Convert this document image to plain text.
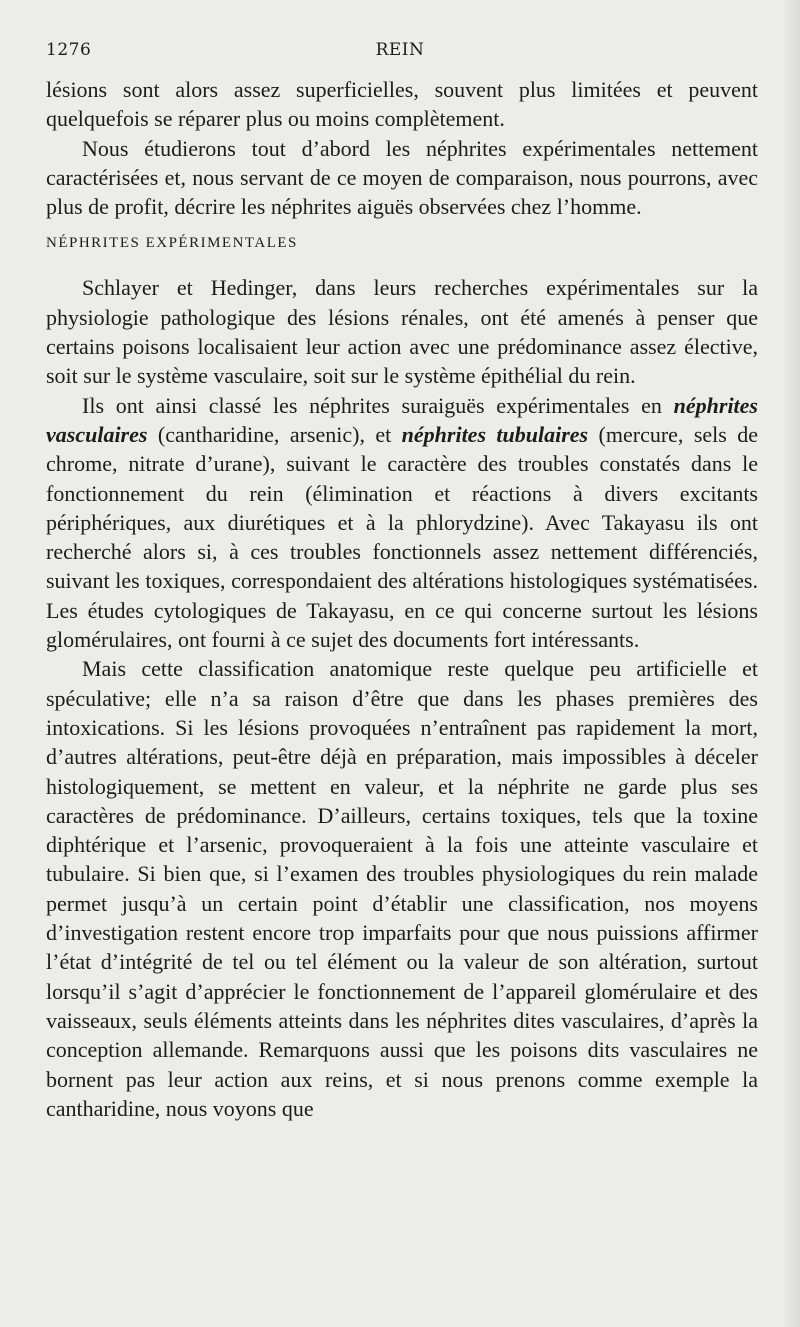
1276	REIN

lésions sont alors assez superficielles, souvent plus limitées et peuvent quelquefois se réparer plus ou moins complètement.

Nous étudierons tout d’abord les néphrites expérimentales nettement caractérisées et, nous servant de ce moyen de comparaison, nous pourrons, avec plus de profit, décrire les néphrites aiguës observées chez l’homme.

NÉPHRITES EXPÉRIMENTALES

Schlayer et Hedinger, dans leurs recherches expérimentales sur la physiologie pathologique des lésions rénales, ont été amenés à penser que certains poisons localisaient leur action avec une prédominance assez élective, soit sur le système vasculaire, soit sur le système épithélial du rein.

Ils ont ainsi classé les néphrites suraiguës expérimentales en néphrites vasculaires (cantharidine, arsenic), et néphrites tubulaires (mercure, sels de chrome, nitrate d’urane), suivant le caractère des troubles constatés dans le fonctionnement du rein (élimination et réactions à divers excitants périphériques, aux diurétiques et à la phlorydzine). Avec Takayasu ils ont recherché alors si, à ces troubles fonctionnels assez nettement différenciés, suivant les toxiques, correspondaient des altérations histologiques systématisées. Les études cytologiques de Takayasu, en ce qui concerne surtout les lésions glomérulaires, ont fourni à ce sujet des documents fort intéressants.

Mais cette classification anatomique reste quelque peu artificielle et spéculative; elle n’a sa raison d’être que dans les phases premières des intoxications. Si les lésions provoquées n’entraînent pas rapidement la mort, d’autres altérations, peut-être déjà en préparation, mais impossibles à déceler histologiquement, se mettent en valeur, et la néphrite ne garde plus ses caractères de prédominance. D’ailleurs, certains toxiques, tels que la toxine diphtérique et l’arsenic, provoqueraient à la fois une atteinte vasculaire et tubulaire. Si bien que, si l’examen des troubles physiologiques du rein malade permet jusqu’à un certain point d’établir une classification, nos moyens d’investigation restent encore trop imparfaits pour que nous puissions affirmer l’état d’intégrité de tel ou tel élément ou la valeur de son altération, surtout lorsqu’il s’agit d’apprécier le fonctionnement de l’appareil glomérulaire et des vaisseaux, seuls éléments atteints dans les néphrites dites vasculaires, d’après la conception allemande. Remarquons aussi que les poisons dits vasculaires ne bornent pas leur action aux reins, et si nous prenons comme exemple la cantharidine, nous voyons que
